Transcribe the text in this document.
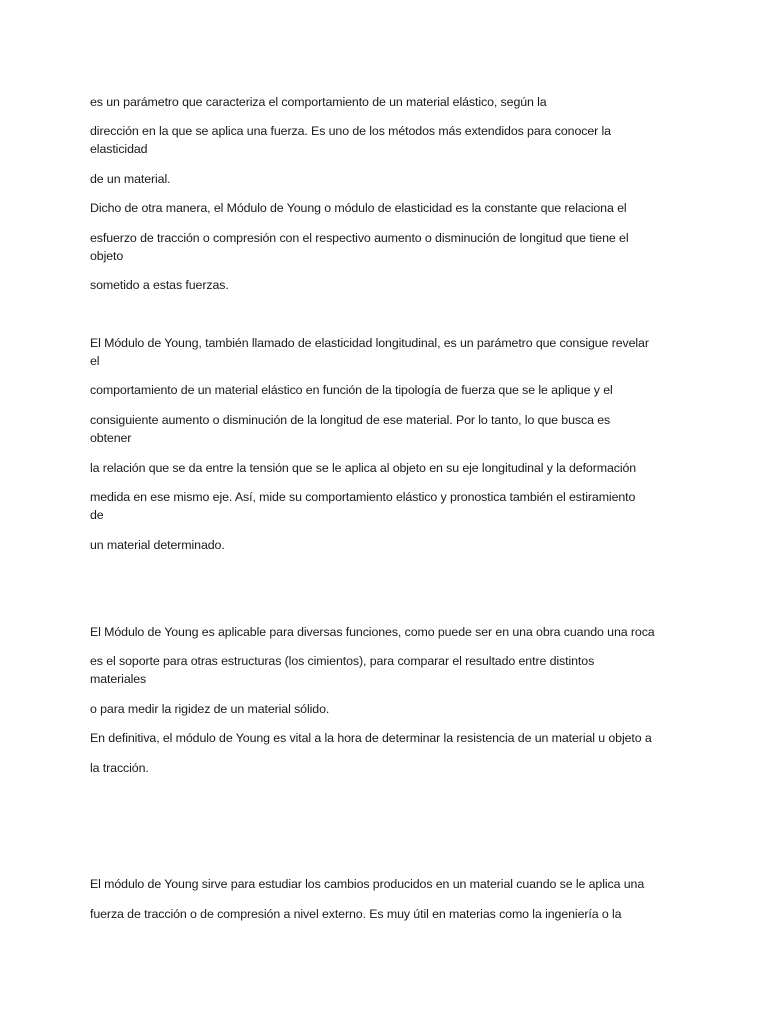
es un parámetro que caracteriza el comportamiento de un material elástico, según la

dirección en la que se aplica una fuerza. Es uno de los métodos más extendidos para conocer la

elasticidad

de un material.

Dicho de otra manera, el Módulo de Young o módulo de elasticidad es la constante que relaciona el

esfuerzo de tracción o compresión con el respectivo aumento o disminución de longitud que tiene el

objeto

sometido a estas fuerzas.

El Módulo de Young, también llamado de elasticidad longitudinal, es un parámetro que consigue revelar

el

comportamiento de un material elástico en función de la tipología de fuerza que se le aplique y el

consiguiente aumento o disminución de la longitud de ese material. Por lo tanto, lo que busca es

obtener

la relación que se da entre la tensión que se le aplica al objeto en su eje longitudinal y la deformación

medida en ese mismo eje. Así, mide su comportamiento elástico y pronostica también el estiramiento

de

un material determinado.

El Módulo de Young es aplicable para diversas funciones, como puede ser en una obra cuando una roca

es el soporte para otras estructuras (los cimientos), para comparar el resultado entre distintos

materiales

o para medir la rigidez de un material sólido.

En definitiva, el módulo de Young es vital a la hora de determinar la resistencia de un material u objeto a

la tracción.

El módulo de Young sirve para estudiar los cambios producidos en un material cuando se le aplica una

fuerza de tracción o de compresión a nivel externo. Es muy útil en materias como la ingeniería o la
